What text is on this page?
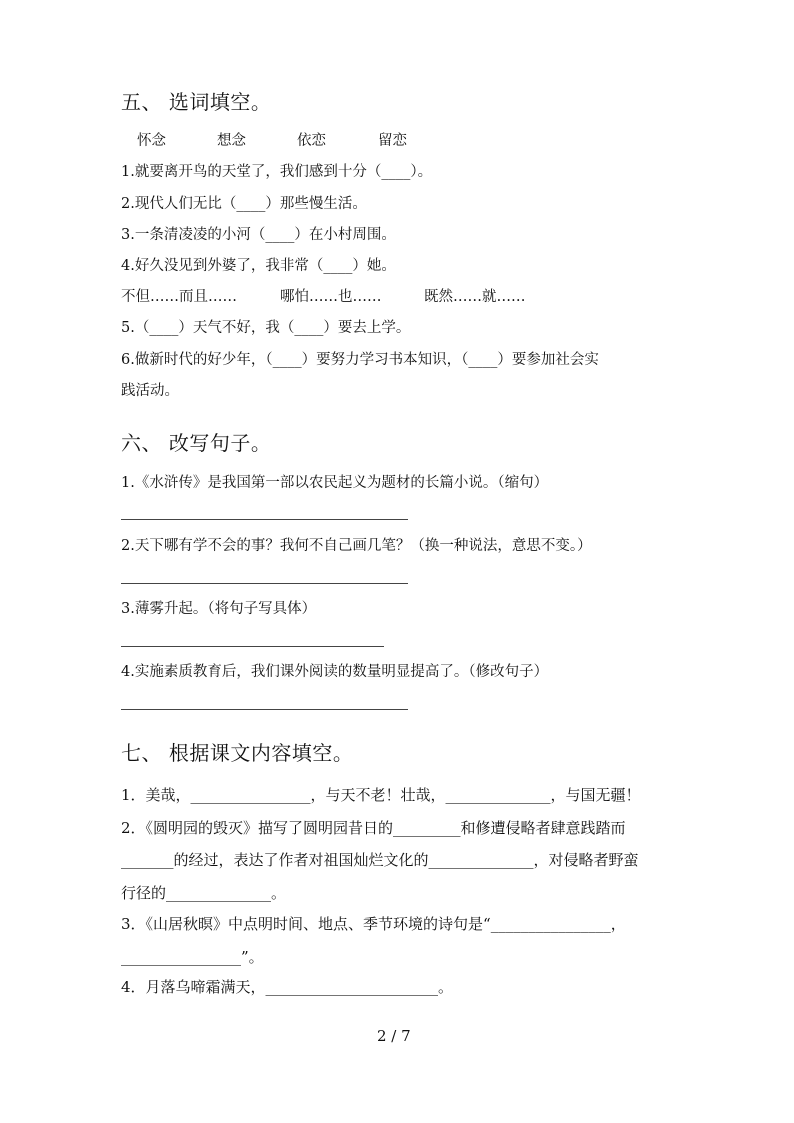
五、 选词填空。
怀念	想念	依恋	留恋
1.就要离开鸟的天堂了，我们感到十分（____）。
2.现代人们无比（____）那些慢生活。
3.一条清凌凌的小河（____）在小村周围。
4.好久没见到外婆了，我非常（____）她。
不但……而且……	哪怕……也……	既然……就……
5.（____）天气不好，我（____）要去上学。
6.做新时代的好少年，（____）要努力学习书本知识，（____）要参加社会实
践活动。
六、 改写句子。
1.《水浒传》是我国第一部以农民起义为题材的长篇小说。（缩句）
2.天下哪有学不会的事？我何不自己画几笔？（换一种说法，意思不变。）
3.薄雾升起。（将句子写具体）
4.实施素质教育后，我们课外阅读的数量明显提高了。（修改句子）
七、 根据课文内容填空。
1．美哉，________________，与天不老！壮哉，______________，与国无疆！
2．《圆明园的毁灭》描写了圆明园昔日的_________和修遭侵略者肆意践踏而
_______的经过，表达了作者对祖国灿烂文化的______________，对侵略者野蛮
行径的______________。
3．《山居秋暝》中点明时间、地点、季节环境的诗句是“________________，
________________”。
4．月落乌啼霜满天，_______________________。
2 / 7
